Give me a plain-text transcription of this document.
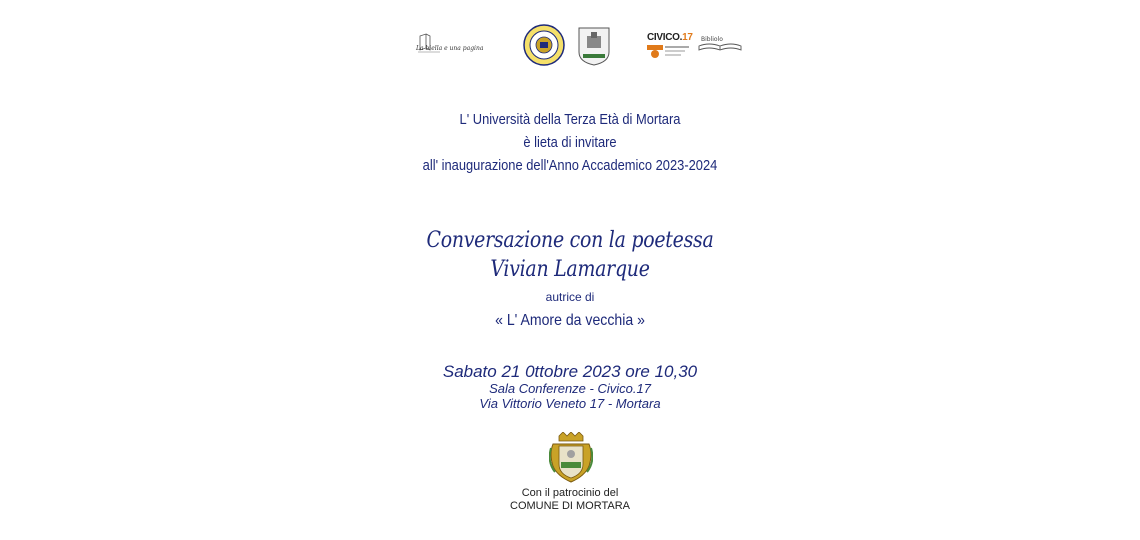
La biella e una pagina
CIVICO.17 Bibliolo
L' Università della Terza Età di Mortara
è lieta di invitare
all' inaugurazione dell'Anno Accademico 2023-2024
Conversazione con la poetessa
Vivian Lamarque
autrice di
« L' Amore da vecchia »
Sabato 21 0ttobre 2023 ore 10,30
Sala Conferenze - Civico.17
Via Vittorio Veneto 17 - Mortara
Con il patrocinio del
COMUNE DI MORTARA
